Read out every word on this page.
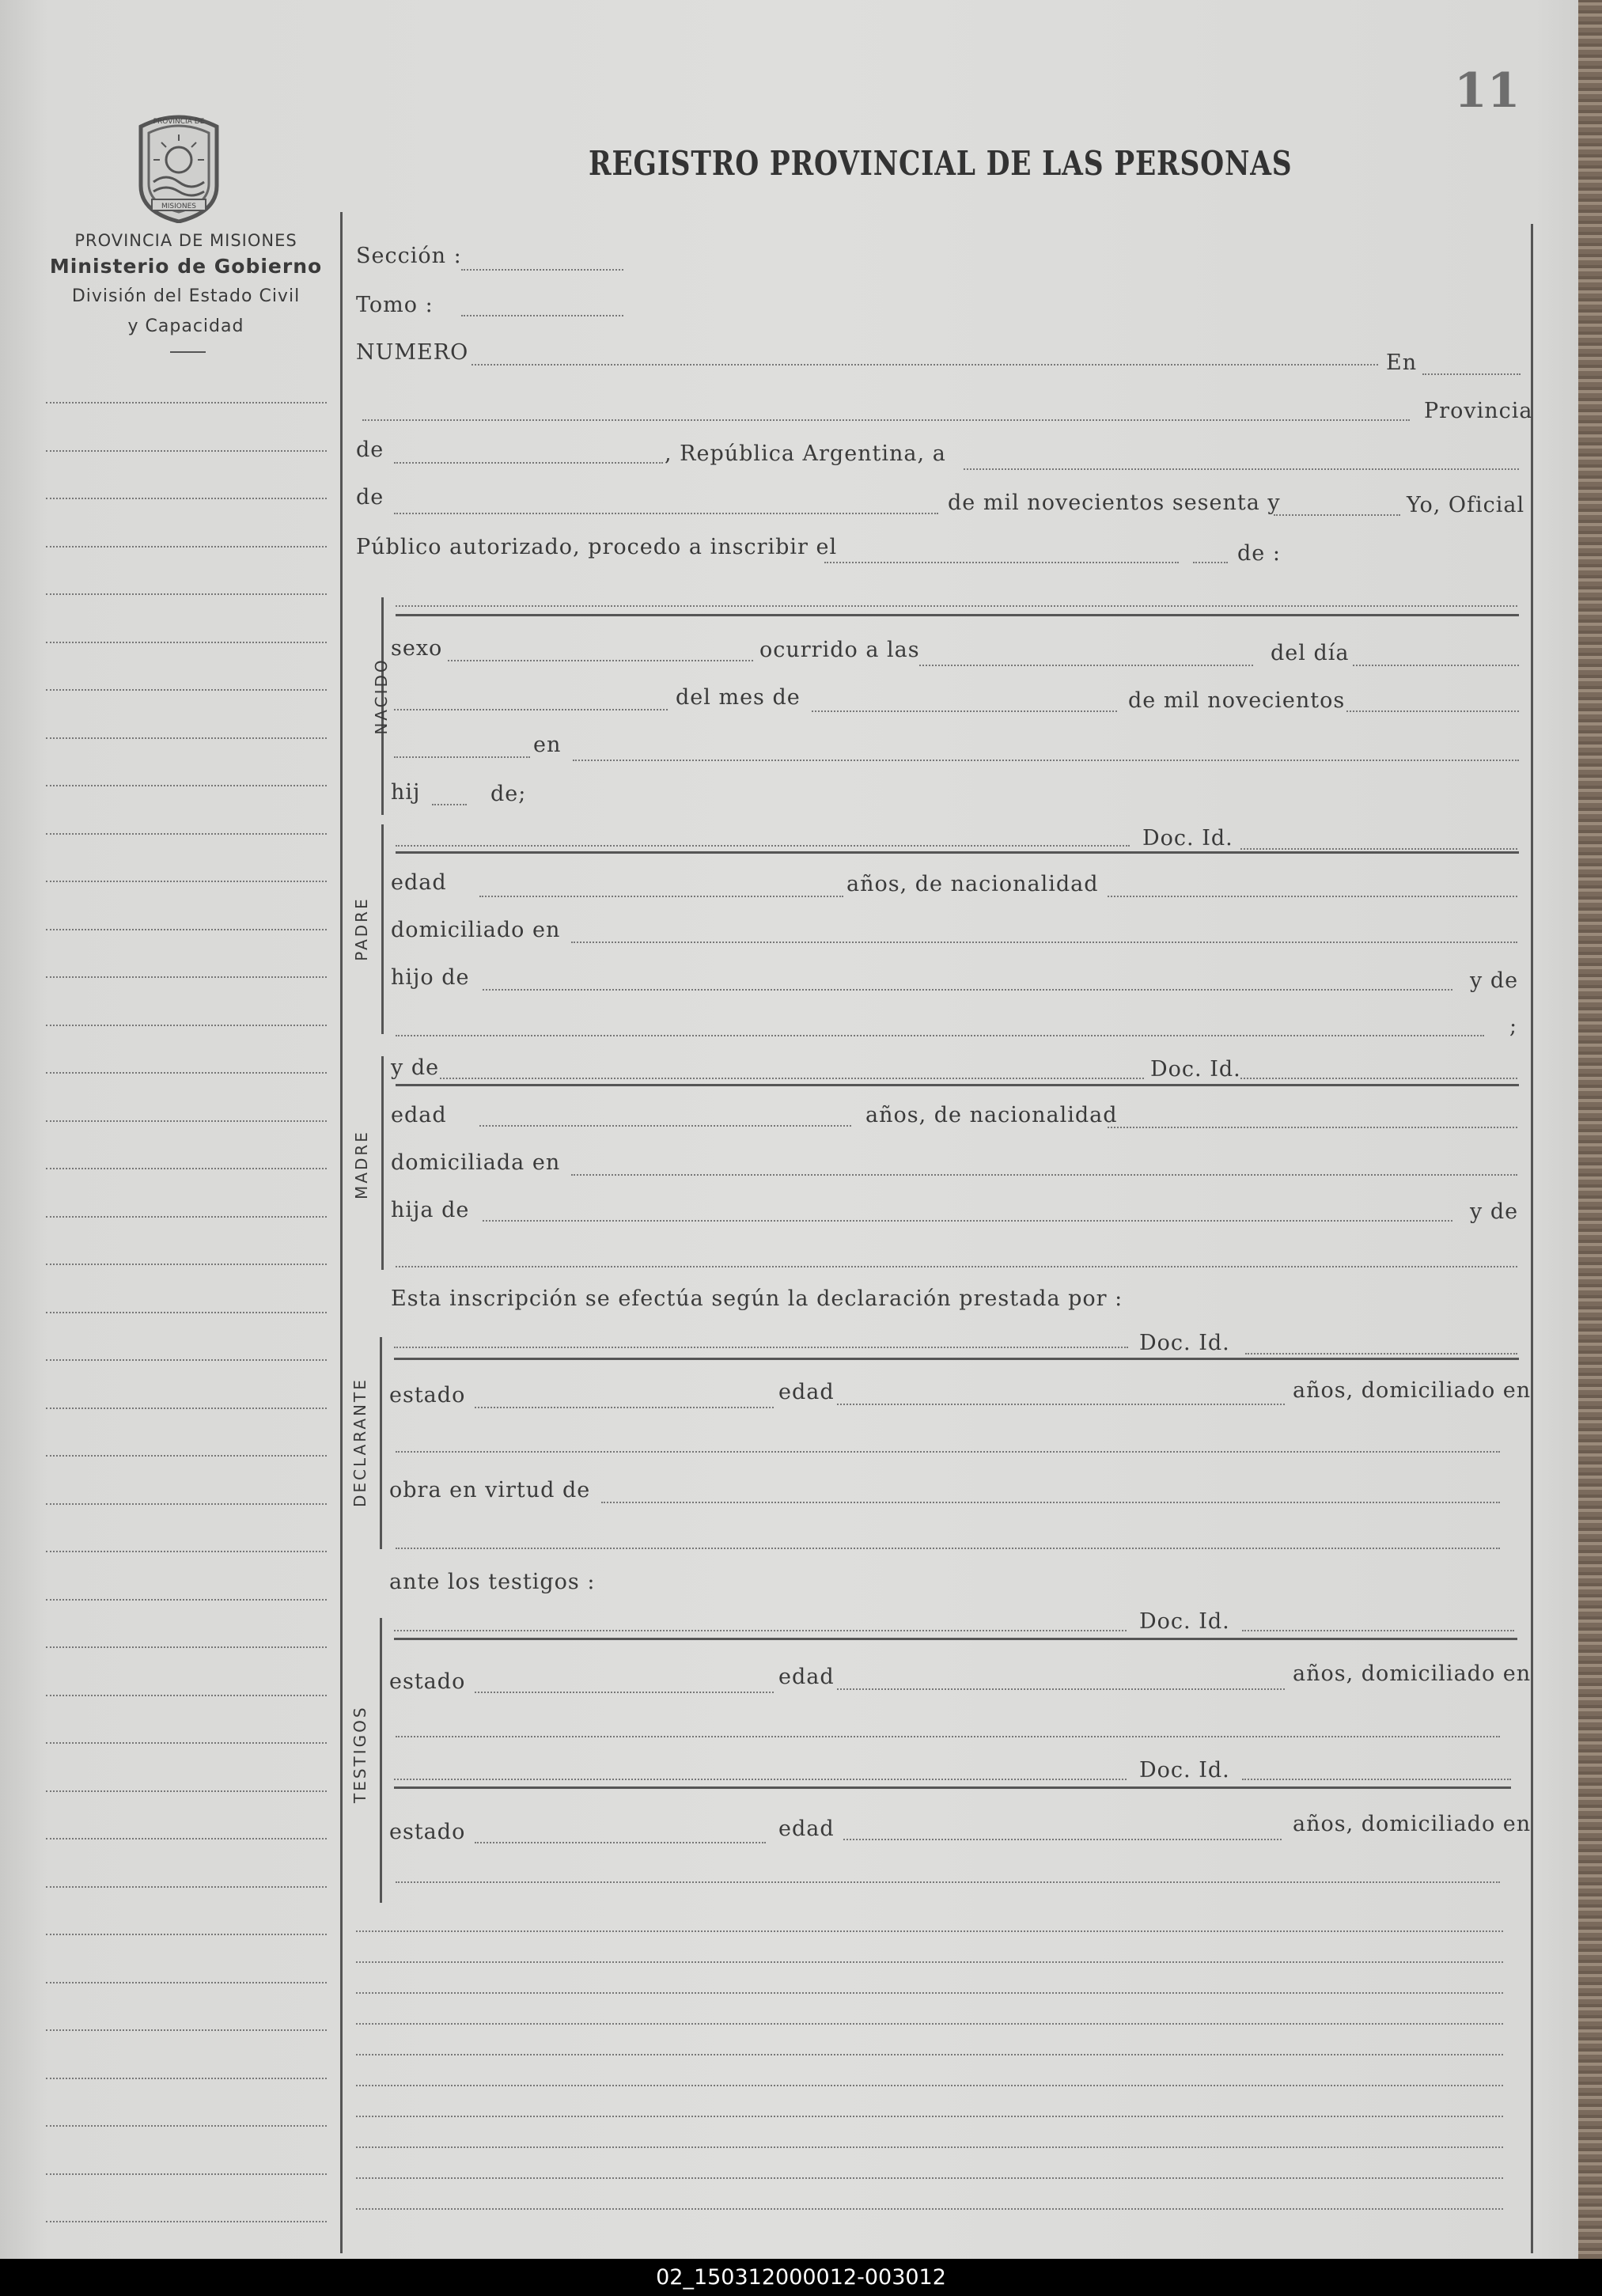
11
REGISTRO PROVINCIAL DE LAS PERSONAS
PROVINCIA DE
MISIONES
PROVINCIA DE MISIONES
Ministerio de Gobierno
División del Estado Civil
y Capacidad
Sección :
Tomo :
NUMERO	En
Provincia
de	, República Argentina, a
de	de mil novecientos sesenta y	Yo, Oficial
Público autorizado, procedo a inscribir el	de :
NACIDO
sexo	ocurrido a las	del día
del mes de	de mil novecientos
en
hij	de;
PADRE
Doc. Id.
edad	años, de nacionalidad
domiciliado en
hijo de	y de
;
MADRE
y de	Doc. Id.
edad	años, de nacionalidad
domiciliada en
hija de	y de
Esta inscripción se efectúa según la declaración prestada por :
DECLARANTE
Doc. Id.
estado	edad	años, domiciliado en
obra en virtud de
ante los testigos :
TESTIGOS
Doc. Id.
estado	edad	años, domiciliado en
Doc. Id.
estado	edad	años, domiciliado en
02_150312000012-003012
